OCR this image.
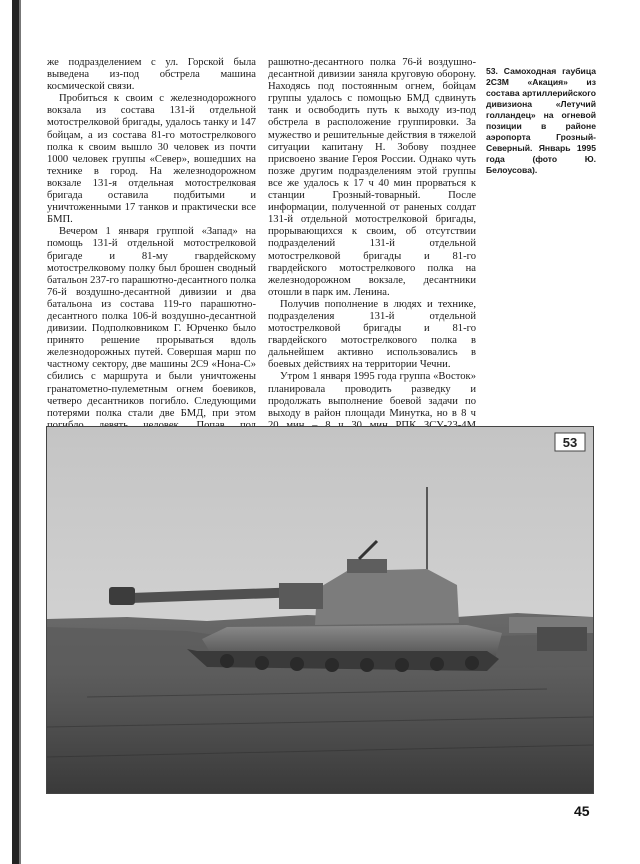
же подразделением с ул. Горской была выведена из-под обстрела машина космической связи.

Пробиться к своим с железнодорожного вокзала из состава 131-й отдельной мотострелковой бригады, удалось танку и 147 бойцам, а из состава 81-го мотострелкового полка к своим вышло 30 человек из почти 1000 человек группы «Север», вошедших на технике в город. На железнодорожном вокзале 131-я отдельная мотострелковая бригада оставила подбитыми и уничтоженными 17 танков и практически все БМП.

Вечером 1 января группой «Запад» на помощь 131-й отдельной мотострелковой бригаде и 81-му гвардейскому мотострелковому полку был брошен сводный батальон 237-го парашютно-десантного полка 76-й воздушно-десантной дивизии и два батальона из состава 119-го парашютно-десантного полка 106-й воздушно-десантной дивизии. Подполковником Г. Юрченко было принято решение прорываться вдоль железнодорожных путей. Совершая марш по частному сектору, две машины 2С9 «Нона-С» сбились с маршрута и были уничтожены гранатометно-пулеметным огнем боевиков, четверо десантников погибло. Следующими потерями полка стали две БМД, при этом

рашютно-десантного полка 76-й воздушно-десантной дивизии заняла круговую оборону. Находясь под постоянным огнем, бойцам группы удалось с помощью БМД сдвинуть танк и освободить путь к выходу из-под обстрела в расположение группировки. За мужество и решительные действия в тяжелой ситуации капитану Н. Зобову позднее присвоено звание Героя России. Однако чуть позже другим подразделениям этой группы все же удалось к 17 ч 40 мин прорваться к станции Грозный-товарный. После информации, полученной от раненых солдат 131-й отдельной мотострелковой бригады, прорывающихся к своим, об отсутствии подразделений 131-й отдельной мотострелковой бригады и 81-го гвардейского мотострелкового полка на железнодорожном вокзале, десантники отошли в парк им. Ленина.

Получив пополнение в людях и технике, подразделения 131-й отдельной мотострелковой бригады и 81-го гвардейского мотострелкового полка в дальнейшем активно использовались в боевых действиях на территории Чечни.

Утром 1 января 1995 года группа «Восток» планировала проводить разведку и продолжать выполнение боевой задачи по выходу в район площади Минутка, но в 8 ч

53. Самоходная гаубица 2С3М «Акация» из состава артиллерийского дивизиона «Летучий голландец» на огневой позиции в районе аэропорта Грозный-Северный. Январь 1995 года (фото Ю. Белоусова).
53
45
